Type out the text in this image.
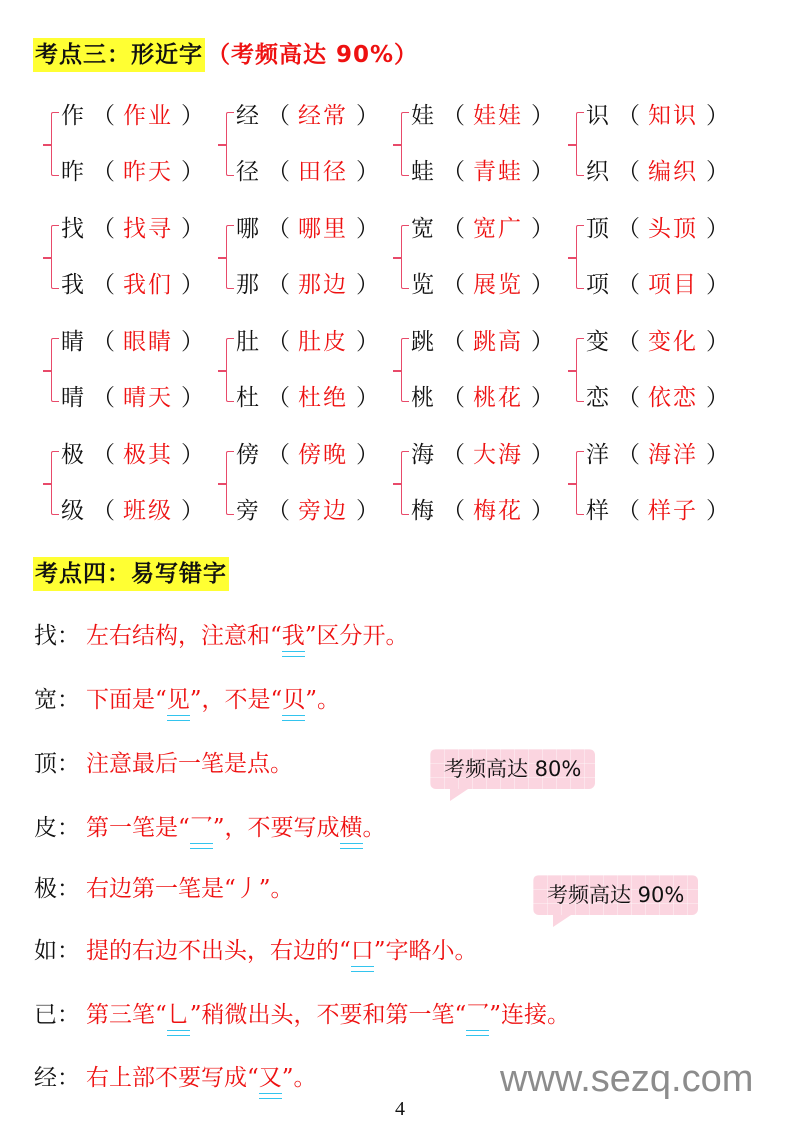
考点三：形近字 （考频高达 90%）
作 （ 作业 ）
昨 （ 昨天 ）
经 （ 经常 ）
径 （ 田径 ）
娃 （ 娃娃 ）
蛙 （ 青蛙 ）
识 （ 知识 ）
织 （ 编织 ）
找 （ 找寻 ）
我 （ 我们 ）
哪 （ 哪里 ）
那 （ 那边 ）
宽 （ 宽广 ）
览 （ 展览 ）
顶 （ 头顶 ）
项 （ 项目 ）
睛 （ 眼睛 ）
晴 （ 晴天 ）
肚 （ 肚皮 ）
杜 （ 杜绝 ）
跳 （ 跳高 ）
桃 （ 桃花 ）
变 （ 变化 ）
恋 （ 依恋 ）
极 （ 极其 ）
级 （ 班级 ）
傍 （ 傍晚 ）
旁 （ 旁边 ）
海 （ 大海 ）
梅 （ 梅花 ）
洋 （ 海洋 ）
样 （ 样子 ）
考点四：易写错字
找： 左右结构，注意和“我”区分开。
宽： 下面是“见”，不是“贝”。
顶： 注意最后一笔是点。	考频高达 80%
皮： 第一笔是“乛”，不要写成横。
极： 右边第一笔是“丿”。	考频高达 90%
如： 提的右边不出头，右边的“口”字略小。
已： 第三笔“乚”稍微出头，不要和第一笔“乛”连接。
经： 右上部不要写成“又”。	www.sezq.com
4
